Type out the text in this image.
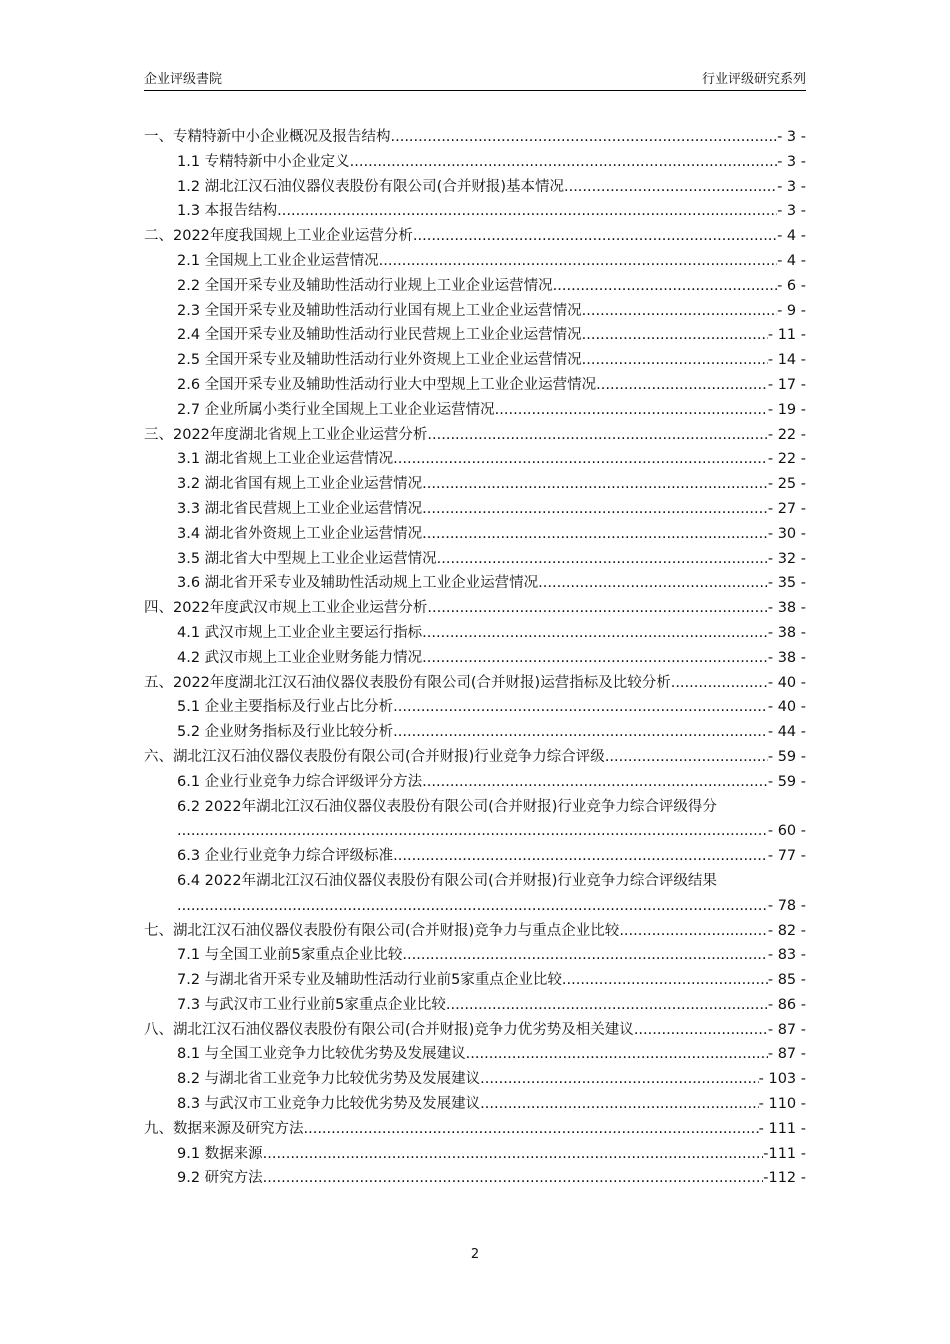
企业评级書院	行业评级研究系列
一、专精特新中小企业概况及报告结构 .....	- 3 -
1.1 专精特新中小企业定义 .....	- 3 -
1.2 湖北江汉石油仪器仪表股份有限公司(合并财报)基本情况 .....	- 3 -
1.3 本报告结构 .....	- 3 -
二、2022年度我国规上工业企业运营分析 .....	- 4 -
2.1 全国规上工业企业运营情况 .....	- 4 -
2.2 全国开采专业及辅助性活动行业规上工业企业运营情况 .....	- 6 -
2.3 全国开采专业及辅助性活动行业国有规上工业企业运营情况 .....	- 9 -
2.4 全国开采专业及辅助性活动行业民营规上工业企业运营情况 .....	- 11 -
2.5 全国开采专业及辅助性活动行业外资规上工业企业运营情况 .....	- 14 -
2.6 全国开采专业及辅助性活动行业大中型规上工业企业运营情况 .....	- 17 -
2.7 企业所属小类行业全国规上工业企业运营情况 .....	- 19 -
三、2022年度湖北省规上工业企业运营分析 .....	- 22 -
3.1 湖北省规上工业企业运营情况 .....	- 22 -
3.2 湖北省国有规上工业企业运营情况 .....	- 25 -
3.3 湖北省民营规上工业企业运营情况 .....	- 27 -
3.4 湖北省外资规上工业企业运营情况 .....	- 30 -
3.5 湖北省大中型规上工业企业运营情况 .....	- 32 -
3.6 湖北省开采专业及辅助性活动规上工业企业运营情况 .....	- 35 -
四、2022年度武汉市规上工业企业运营分析 .....	- 38 -
4.1 武汉市规上工业企业主要运行指标 .....	- 38 -
4.2 武汉市规上工业企业财务能力情况 .....	- 38 -
五、2022年度湖北江汉石油仪器仪表股份有限公司(合并财报)运营指标及比较分析 .....	.- 40 -
5.1 企业主要指标及行业占比分析 .....	- 40 -
5.2 企业财务指标及行业比较分析 .....	- 44 -
六、湖北江汉石油仪器仪表股份有限公司(合并财报)行业竞争力综合评级 .....	- 59 -
6.1 企业行业竞争力综合评级评分方法 .....	- 59 -
6.2 2022年湖北江汉石油仪器仪表股份有限公司(合并财报)行业竞争力综合评级得分
.....
- 60 -
6.3 企业行业竞争力综合评级标准 .....	- 77 -
6.4 2022年湖北江汉石油仪器仪表股份有限公司(合并财报)行业竞争力综合评级结果
.....
- 78 -
七、湖北江汉石油仪器仪表股份有限公司(合并财报)竞争力与重点企业比较 .....	- 82 -
7.1 与全国工业前5家重点企业比较 .....	- 83 -
7.2 与湖北省开采专业及辅助性活动行业前5家重点企业比较 .....	- 85 -
7.3 与武汉市工业行业前5家重点企业比较 .....	- 86 -
八、湖北江汉石油仪器仪表股份有限公司(合并财报)竞争力优劣势及相关建议 .....	- 87 -
8.1 与全国工业竞争力比较优劣势及发展建议 .....	- 87 -
8.2 与湖北省工业竞争力比较优劣势及发展建议 .....	- 103 -
8.3 与武汉市工业竞争力比较优劣势及发展建议 .....	- 110 -
九、数据来源及研究方法 .....	- 111 -
9.1 数据来源 .....	-111 -
9.2 研究方法 .....	-112 -
2
